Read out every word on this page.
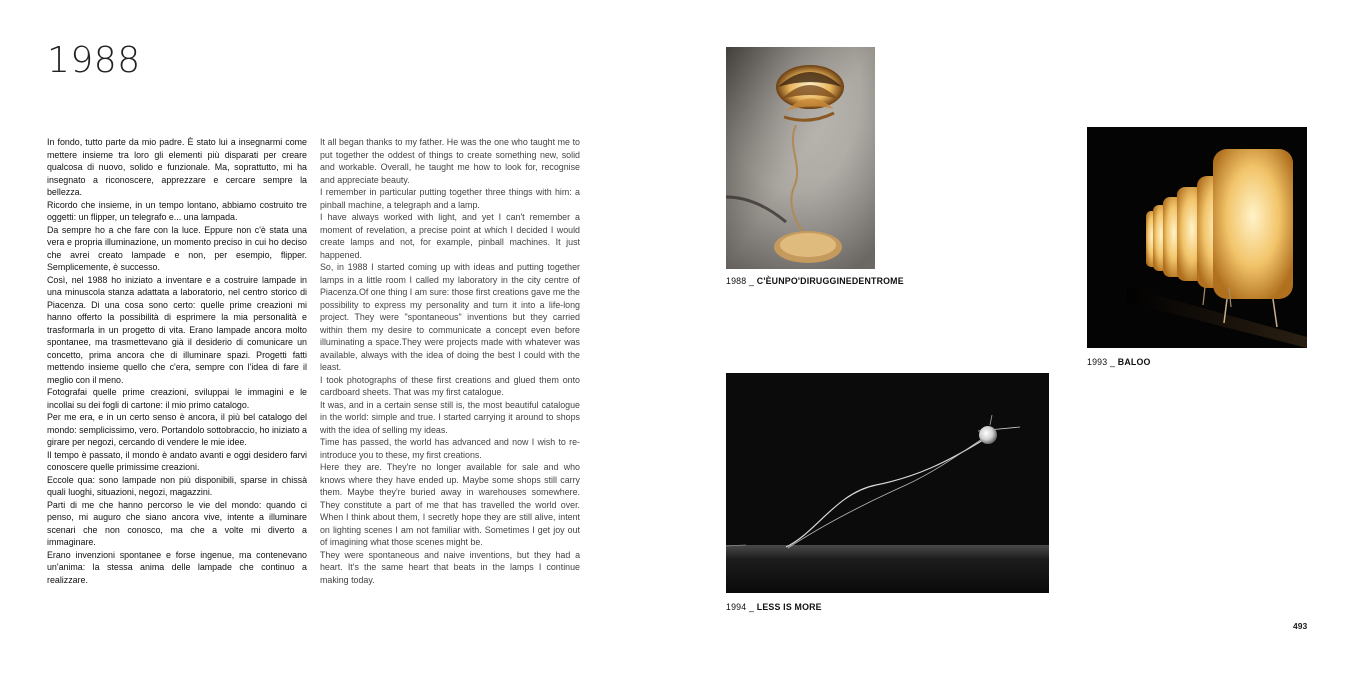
1988

In fondo, tutto parte da mio padre. È stato lui a insegnarmi come mettere insieme tra loro gli elementi più disparati per creare qualcosa di nuovo, solido e funzionale. Ma, soprattutto, mi ha insegnato a riconoscere, apprezzare e cercare sempre la bellezza.

Ricordo che insieme, in un tempo lontano, abbiamo costruito tre oggetti: un flipper, un telegrafo e... una lampada.

Da sempre ho a che fare con la luce. Eppure non c'è stata una vera e propria illuminazione, un momento preciso in cui ho deciso che avrei creato lampade e non, per esempio, flipper. Semplicemente, è successo.

Così, nel 1988 ho iniziato a inventare e a costruire lampade in una minuscola stanza adattata a laboratorio, nel centro storico di Piacenza. Di una cosa sono certo: quelle prime creazioni mi hanno offerto la possibilità di esprimere la mia personalità e trasformarla in un progetto di vita. Erano lampade ancora molto spontanee, ma trasmettevano già il desiderio di comunicare un concetto, prima ancora che di illuminare spazi. Progetti fatti mettendo insieme quello che c'era, sempre con l'idea di fare il meglio con il meno.

Fotografai quelle prime creazioni, sviluppai le immagini e le incollai su dei fogli di cartone: il mio primo catalogo.

Per me era, e in un certo senso è ancora, il più bel catalogo del mondo: semplicissimo, vero. Portandolo sottobraccio, ho iniziato a girare per negozi, cercando di vendere le mie idee.

Il tempo è passato, il mondo è andato avanti e oggi desidero farvi conoscere quelle primissime creazioni.

Eccole qua: sono lampade non più disponibili, sparse in chissà quali luoghi, situazioni, negozi, magazzini.

Parti di me che hanno percorso le vie del mondo: quando ci penso, mi auguro che siano ancora vive, intente a illuminare scenari che non conosco, ma che a volte mi diverto a immaginare.

Erano invenzioni spontanee e forse ingenue, ma contenevano un'anima: la stessa anima delle lampade che continuo a realizzare.

It all began thanks to my father. He was the one who taught me to put together the oddest of things to create something new, solid and workable. Overall, he taught me how to look for, recognise and appreciate beauty.

I remember in particular putting together three things with him: a pinball machine, a telegraph and a lamp.

I have always worked with light, and yet I can't remember a moment of revelation, a precise point at which I decided I would create lamps and not, for example, pinball machines. It just happened.

So, in 1988 I started coming up with ideas and putting together lamps in a little room I called my laboratory in the city centre of Piacenza.Of one thing I am sure: those first creations gave me the possibility to express my personality and turn it into a life-long project. They were "spontaneous" inventions but they carried within them my desire to communicate a concept even before illuminating a space.They were projects made with whatever was available, always with the idea of doing the best I could with the least.

I took photographs of these first creations and glued them onto cardboard sheets. That was my first catalogue.

It was, and in a certain sense still is, the most beautiful catalogue in the world: simple and true. I started carrying it around to shops with the idea of selling my ideas.

Time has passed, the world has advanced and now I wish to re-introduce you to these, my first creations.

Here they are. They're no longer available for sale and who knows where they have ended up. Maybe some shops still carry them. Maybe they're buried away in warehouses somewhere. They constitute a part of me that has travelled the world over. When I think about them, I secretly hope they are still alive, intent on lighting scenes I am not familiar with. Sometimes I get joy out of imagining what those scenes might be.

They were spontaneous and naive inventions, but they had a heart. It's the same heart that beats in the lamps I continue making today.

1988 _ C'ÈUNPO'DIRUGGINEDENTROME
1993 _ BALOO
1994 _ LESS IS MORE
493
